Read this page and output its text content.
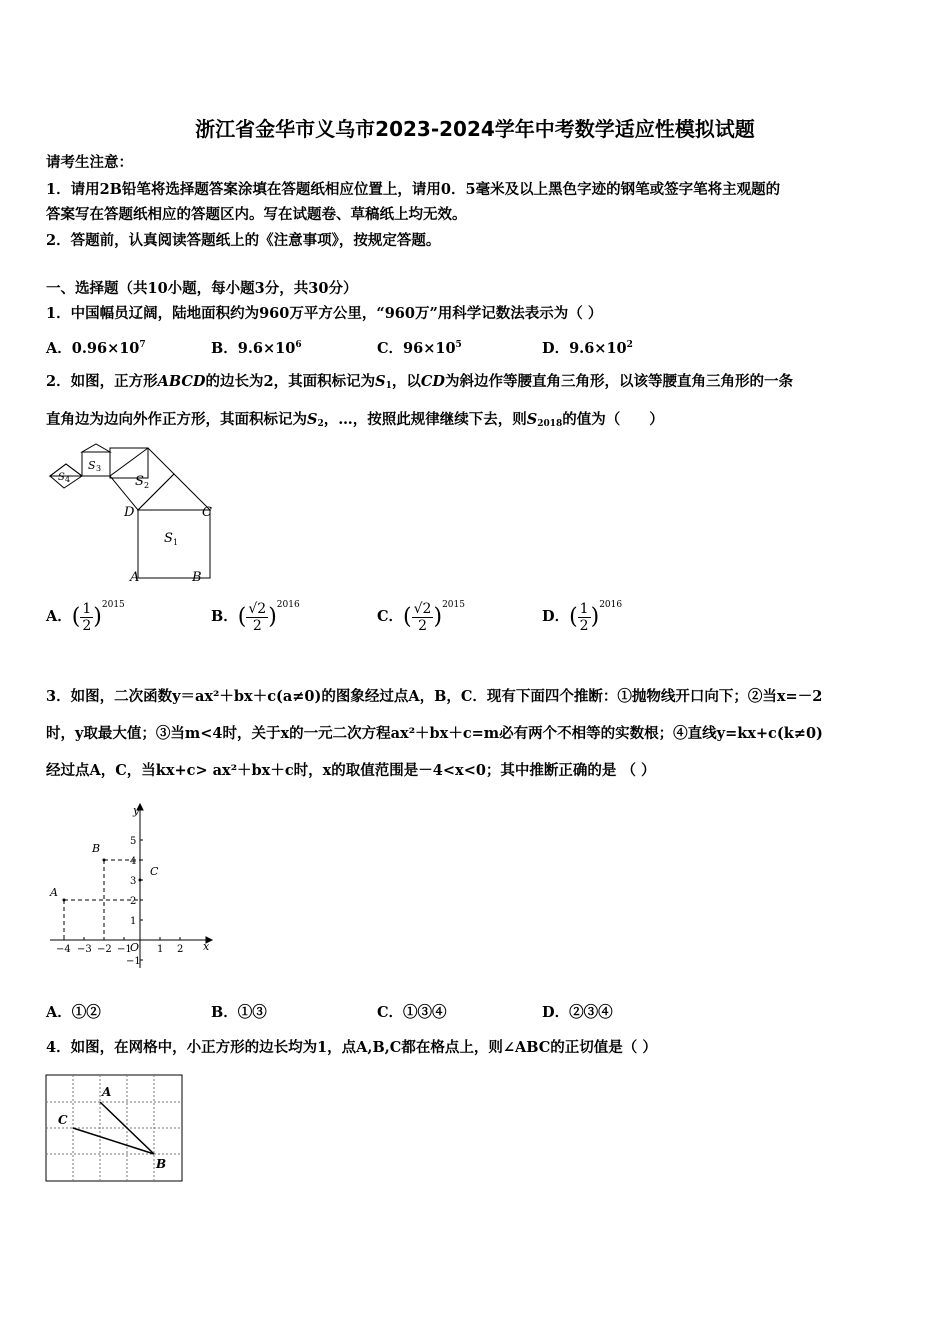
浙江省金华市义乌市2023-2024学年中考数学适应性模拟试题
请考生注意：
1．请用2B铅笔将选择题答案涂填在答题纸相应位置上，请用0．5毫米及以上黑色字迹的钢笔或签字笔将主观题的
答案写在答题纸相应的答题区内。写在试题卷、草稿纸上均无效。
2．答题前，认真阅读答题纸上的《注意事项》，按规定答题。
一、选择题（共10小题，每小题3分，共30分）
1．中国幅员辽阔，陆地面积约为960万平方公里，“960万”用科学记数法表示为（ ）
A．$0.96\times 10^7$	B．$9.6\times 10^6$	C．$96\times 10^5$	D．$9.6\times 10^2$
2．如图，正方形ABCD的边长为2，其面积标记为$S_1$，以CD为斜边作等腰直角三角形，以该等腰直角三角形的一条
直角边为边向外作正方形，其面积标记为$S_2$，…，按照此规律继续下去，则$S_{2018}$的值为（　　）
D	C
A	B
S
S
S
S
1
2
3
4
A．( $\frac{1}{2} )^{2015}$
B．( $\frac{√2}{2} )^{2016}$
C．( $\frac{√2}{2} )^{2015}$
D．( $\frac{1}{2} )^{2016}$
3．如图，二次函数y＝ax²＋bx＋c(a≠0)的图象经过点A，B，C．现有下面四个推断：①抛物线开口向下；②当x=－2
时，y取最大值；③当m<4时，关于x的一元二次方程ax²＋bx＋c=m必有两个不相等的实数根；④直线y=kx+c(k≠0)
经过点A，C，当kx+c> ax²＋bx＋c时，x的取值范围是－4<x<0；其中推断正确的是 （ ）
y
x
O
A
B
C
−4 −3 −2 −1	1 2
5
4
3
2
1
−1
A．①②	B．①③	C．①③④	D．②③④
4．如图，在网格中，小正方形的边长均为1，点A,B,C都在格点上，则∠ABC的正切值是（ ）
A
C
B
